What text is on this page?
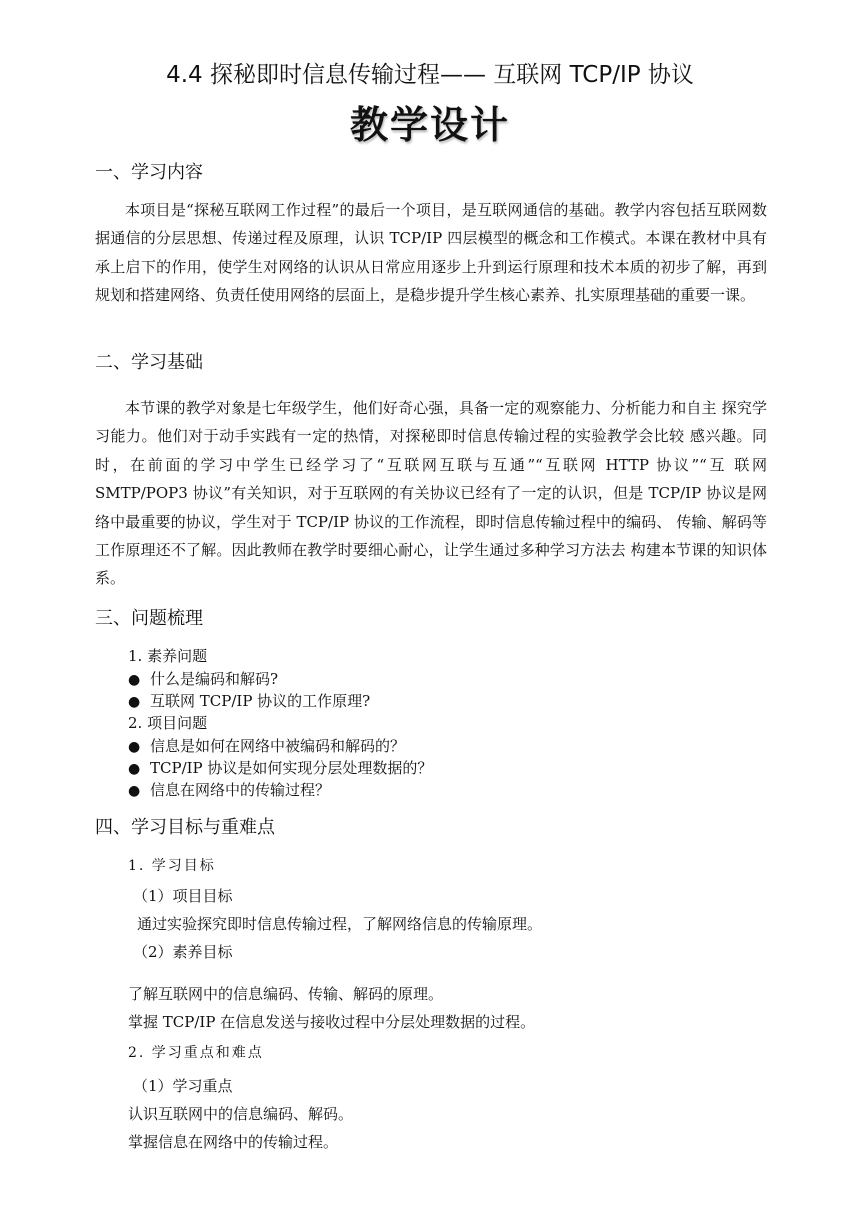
4.4 探秘即时信息传输过程—— 互联网 TCP/IP 协议
教学设计
一、学习内容

本项目是“探秘互联网工作过程”的最后一个项目，是互联网通信的基础。教学内容包括互联网数据通信的分层思想、传递过程及原理，认识 TCP/IP 四层模型的概念和工作模式。本课在教材中具有承上启下的作用，使学生对网络的认识从日常应用逐步上升到运行原理和技术本质的初步了解，再到规划和搭建网络、负责任使用网络的层面上，是稳步提升学生核心素养、扎实原理基础的重要一课。

二、学习基础

本节课的教学对象是七年级学生，他们好奇心强，具备一定的观察能力、分析能力和自主 探究学习能力。他们对于动手实践有一定的热情，对探秘即时信息传输过程的实验教学会比较 感兴趣。同时，在前面的学习中学生已经学习了“互联网互联与互通”“互联网 HTTP 协议”“互 联网 SMTP/POP3 协议”有关知识，对于互联网的有关协议已经有了一定的认识，但是 TCP/IP 协议是网络中最重要的协议，学生对于 TCP/IP 协议的工作流程，即时信息传输过程中的编码、 传输、解码等工作原理还不了解。因此教师在教学时要细心耐心，让学生通过多种学习方法去 构建本节课的知识体系。

三、问题梳理
1. 素养问题
● 什么是编码和解码?
● 互联网 TCP/IP 协议的工作原理?
2. 项目问题
● 信息是如何在网络中被编码和解码的？
● TCP/IP 协议是如何实现分层处理数据的？
● 信息在网络中的传输过程？
四、学习目标与重难点
1. 学习目标
（1）项目目标
通过实验探究即时信息传输过程，了解网络信息的传输原理。
（2）素养目标
了解互联网中的信息编码、传输、解码的原理。
掌握 TCP/IP 在信息发送与接收过程中分层处理数据的过程。
2. 学习重点和难点
（1）学习重点
认识互联网中的信息编码、解码。
掌握信息在网络中的传输过程。
